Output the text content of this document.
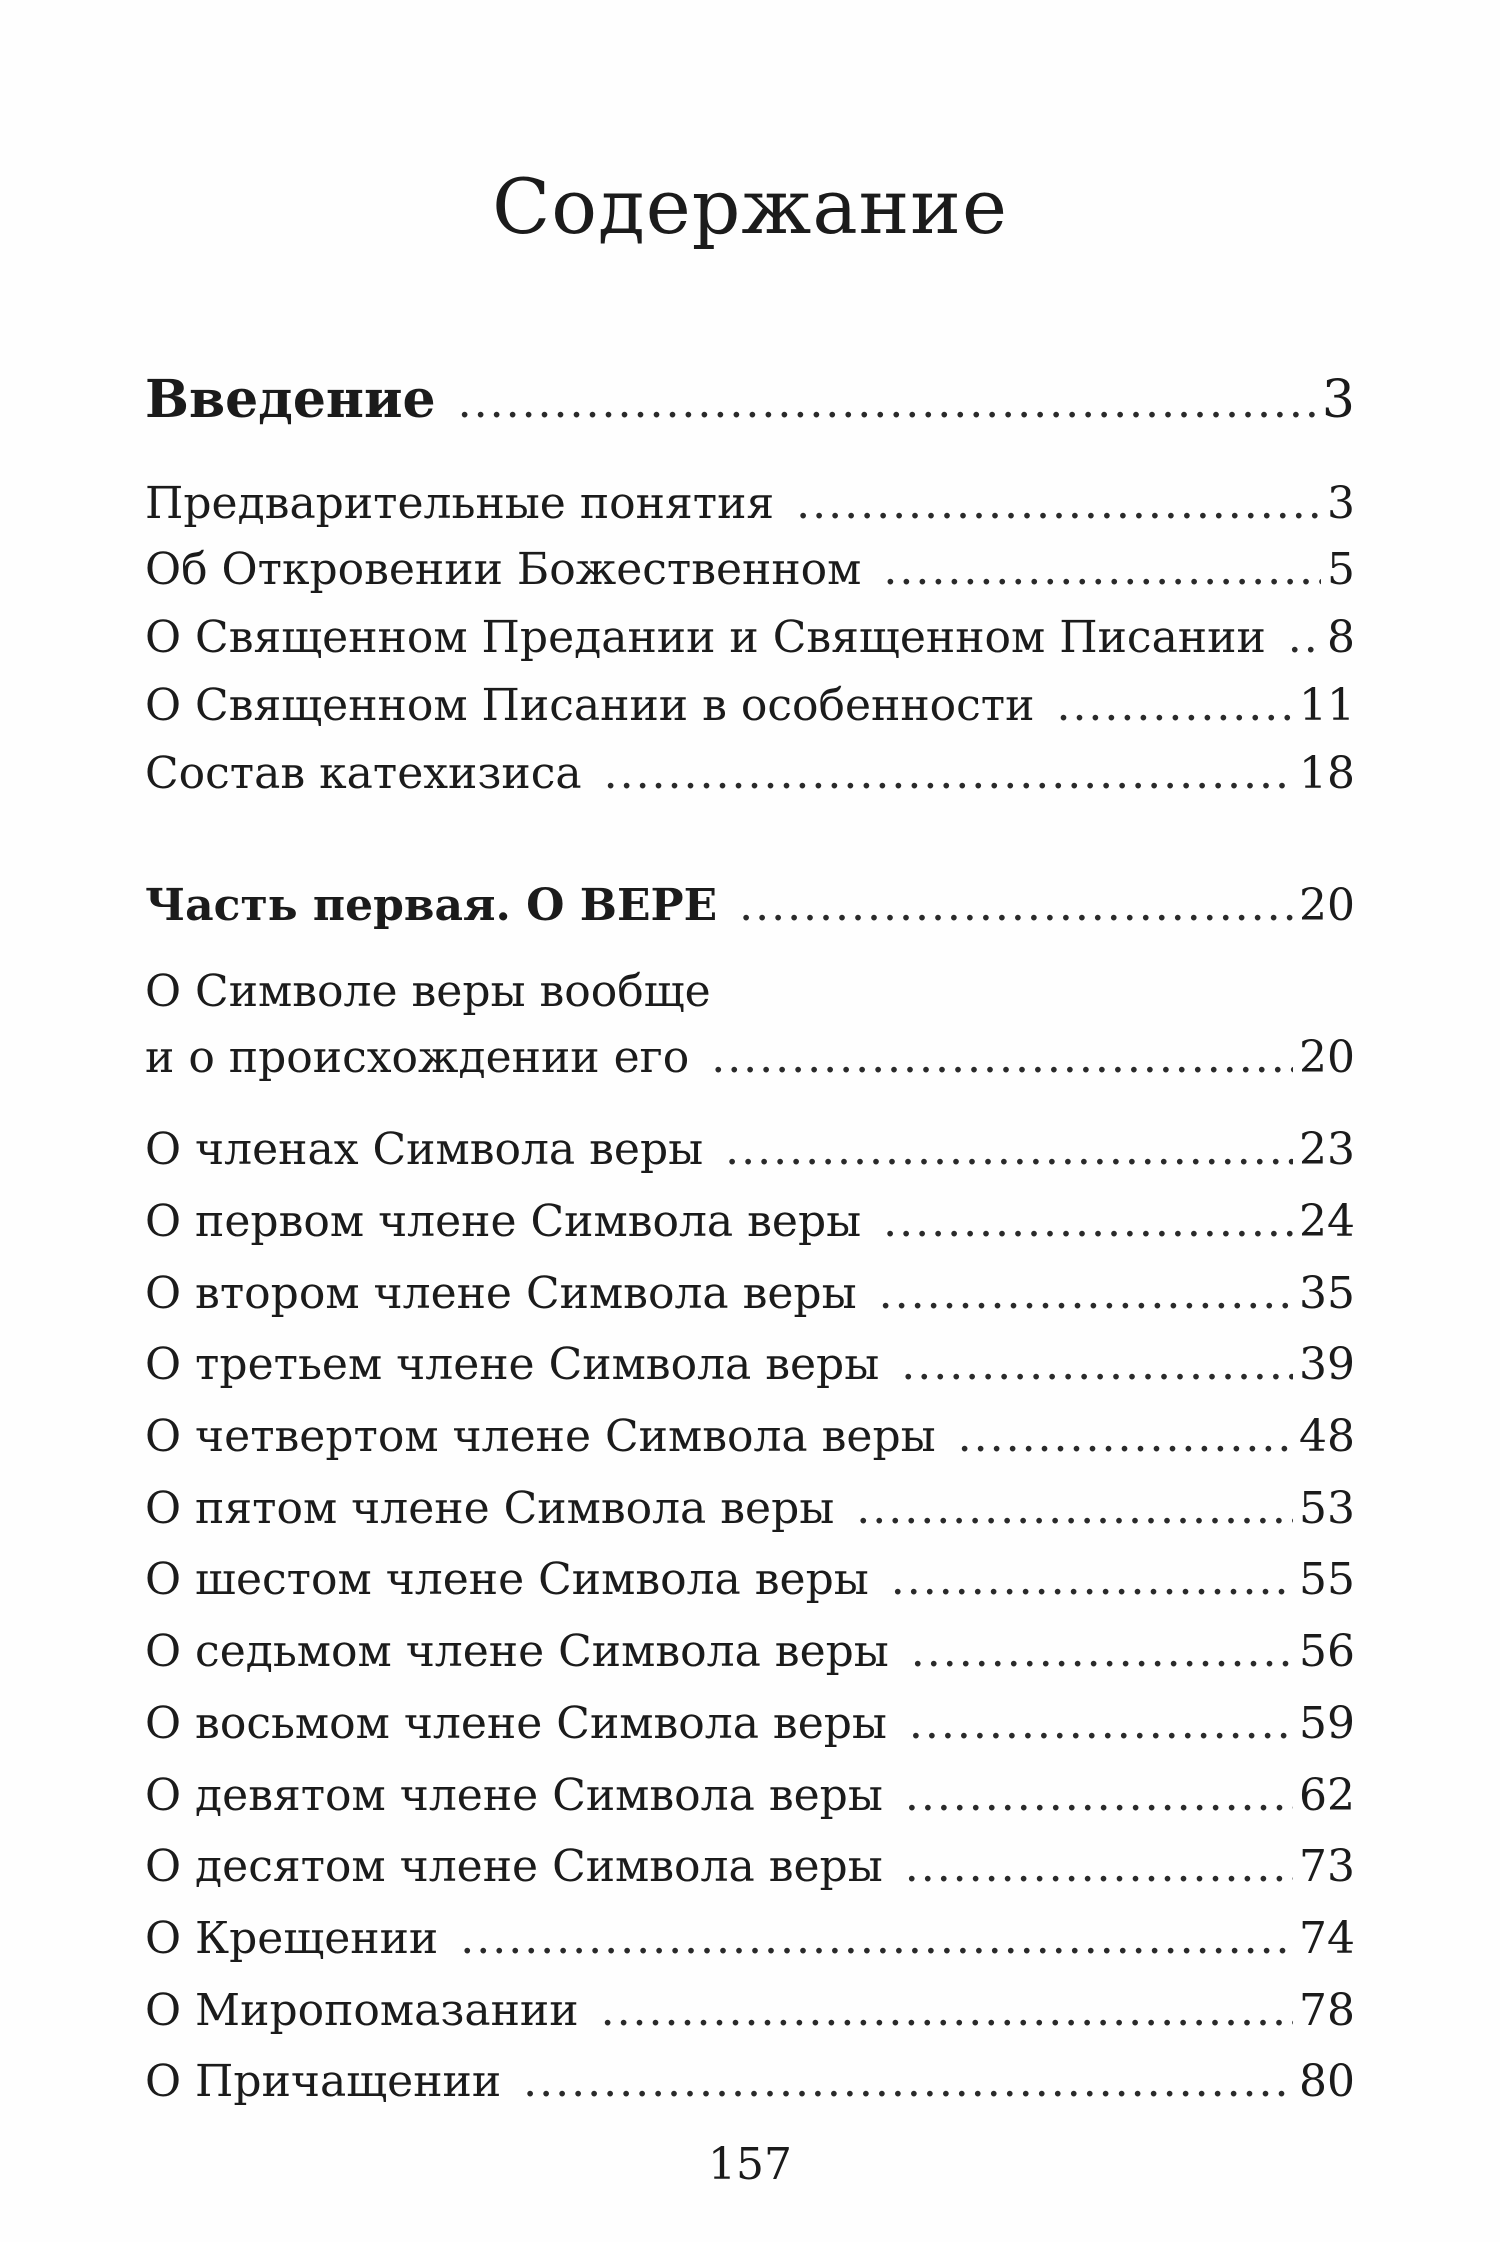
Содержание
Введение .....	3
Предварительные понятия .....	3
Об Откровении Божественном .....	5
О Священном Предании и Священном Писании ..... 8
О Священном Писании в особенности .....	11
Состав катехизиса .....	18
Часть первая. О ВЕРЕ .....	20
О Символе веры вообще
и о происхождении его .....	20
О членах Символа веры .....	23
О первом члене Символа веры .....	24
О втором члене Символа веры .....	35
О третьем члене Символа веры .....	39
О четвертом члене Символа веры .....	48
О пятом члене Символа веры .....	53
О шестом члене Символа веры .....	55
О седьмом члене Символа веры .....	56
О восьмом члене Символа веры .....	59
О девятом члене Символа веры .....	62
О десятом члене Символа веры .....	73
О Крещении .....	74
О Миропомазании .....	78
О Причащении .....	80
157
